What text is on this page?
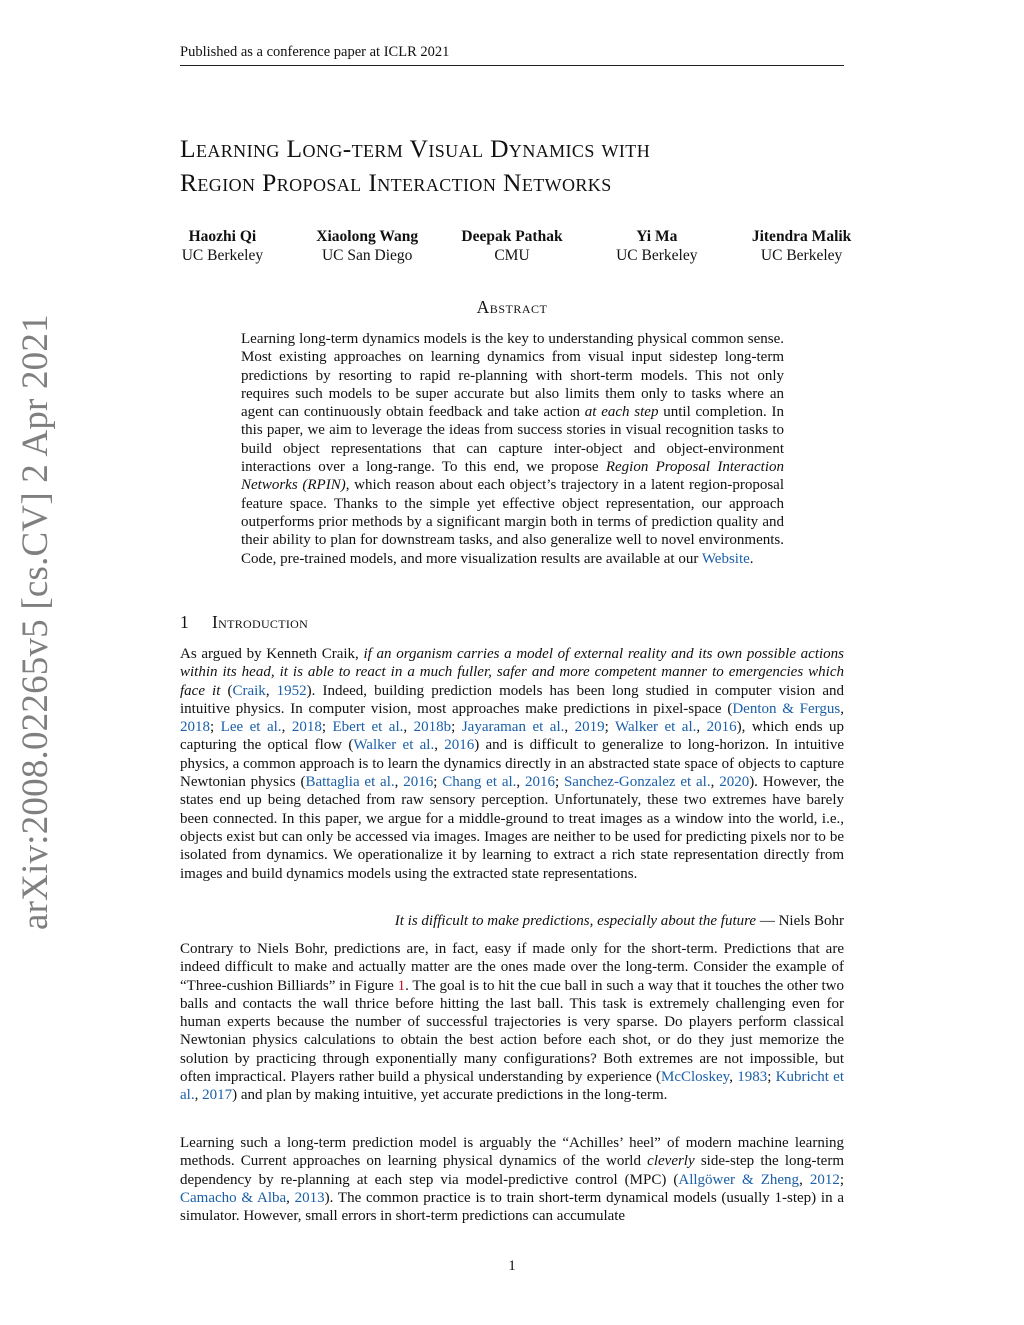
Published as a conference paper at ICLR 2021
arXiv:2008.02265v5 [cs.CV] 2 Apr 2021
Learning Long-term Visual Dynamics with
Region Proposal Interaction Networks
Haozhi Qi
UC Berkeley
Xiaolong Wang
UC San Diego
Deepak Pathak
CMU
Yi Ma
UC Berkeley
Jitendra Malik
UC Berkeley
Abstract
Learning long-term dynamics models is the key to understanding physical common sense. Most existing approaches on learning dynamics from visual input sidestep long-term predictions by resorting to rapid re-planning with short-term models. This not only requires such models to be super accurate but also limits them only to tasks where an agent can continuously obtain feedback and take action at each step until completion. In this paper, we aim to leverage the ideas from success stories in visual recognition tasks to build object representations that can capture inter-object and object-environment interactions over a long-range. To this end, we propose Region Proposal Interaction Networks (RPIN), which reason about each object’s trajectory in a latent region-proposal feature space. Thanks to the simple yet effective object representation, our approach outperforms prior methods by a significant margin both in terms of prediction quality and their ability to plan for downstream tasks, and also generalize well to novel environments. Code, pre-trained models, and more visualization results are available at our Website.
1 Introduction

As argued by Kenneth Craik, if an organism carries a model of external reality and its own possible actions within its head, it is able to react in a much fuller, safer and more competent manner to emergencies which face it (Craik, 1952). Indeed, building prediction models has been long studied in computer vision and intuitive physics. In computer vision, most approaches make predictions in pixel-space (Denton & Fergus, 2018; Lee et al., 2018; Ebert et al., 2018b; Jayaraman et al., 2019; Walker et al., 2016), which ends up capturing the optical flow (Walker et al., 2016) and is difficult to generalize to long-horizon. In intuitive physics, a common approach is to learn the dynamics directly in an abstracted state space of objects to capture Newtonian physics (Battaglia et al., 2016; Chang et al., 2016; Sanchez-Gonzalez et al., 2020). However, the states end up being detached from raw sensory perception. Unfortunately, these two extremes have barely been connected. In this paper, we argue for a middle-ground to treat images as a window into the world, i.e., objects exist but can only be accessed via images. Images are neither to be used for predicting pixels nor to be isolated from dynamics. We operationalize it by learning to extract a rich state representation directly from images and build dynamics models using the extracted state representations.

It is difficult to make predictions, especially about the future — Niels Bohr

Contrary to Niels Bohr, predictions are, in fact, easy if made only for the short-term. Predictions that are indeed difficult to make and actually matter are the ones made over the long-term. Consider the example of “Three-cushion Billiards” in Figure 1. The goal is to hit the cue ball in such a way that it touches the other two balls and contacts the wall thrice before hitting the last ball. This task is extremely challenging even for human experts because the number of successful trajectories is very sparse. Do players perform classical Newtonian physics calculations to obtain the best action before each shot, or do they just memorize the solution by practicing through exponentially many configurations? Both extremes are not impossible, but often impractical. Players rather build a physical understanding by experience (McCloskey, 1983; Kubricht et al., 2017) and plan by making intuitive, yet accurate predictions in the long-term.

Learning such a long-term prediction model is arguably the “Achilles’ heel” of modern machine learning methods. Current approaches on learning physical dynamics of the world cleverly side-step the long-term dependency by re-planning at each step via model-predictive control (MPC) (Allgöwer & Zheng, 2012; Camacho & Alba, 2013). The common practice is to train short-term dynamical models (usually 1-step) in a simulator. However, small errors in short-term predictions can accumulate

1
